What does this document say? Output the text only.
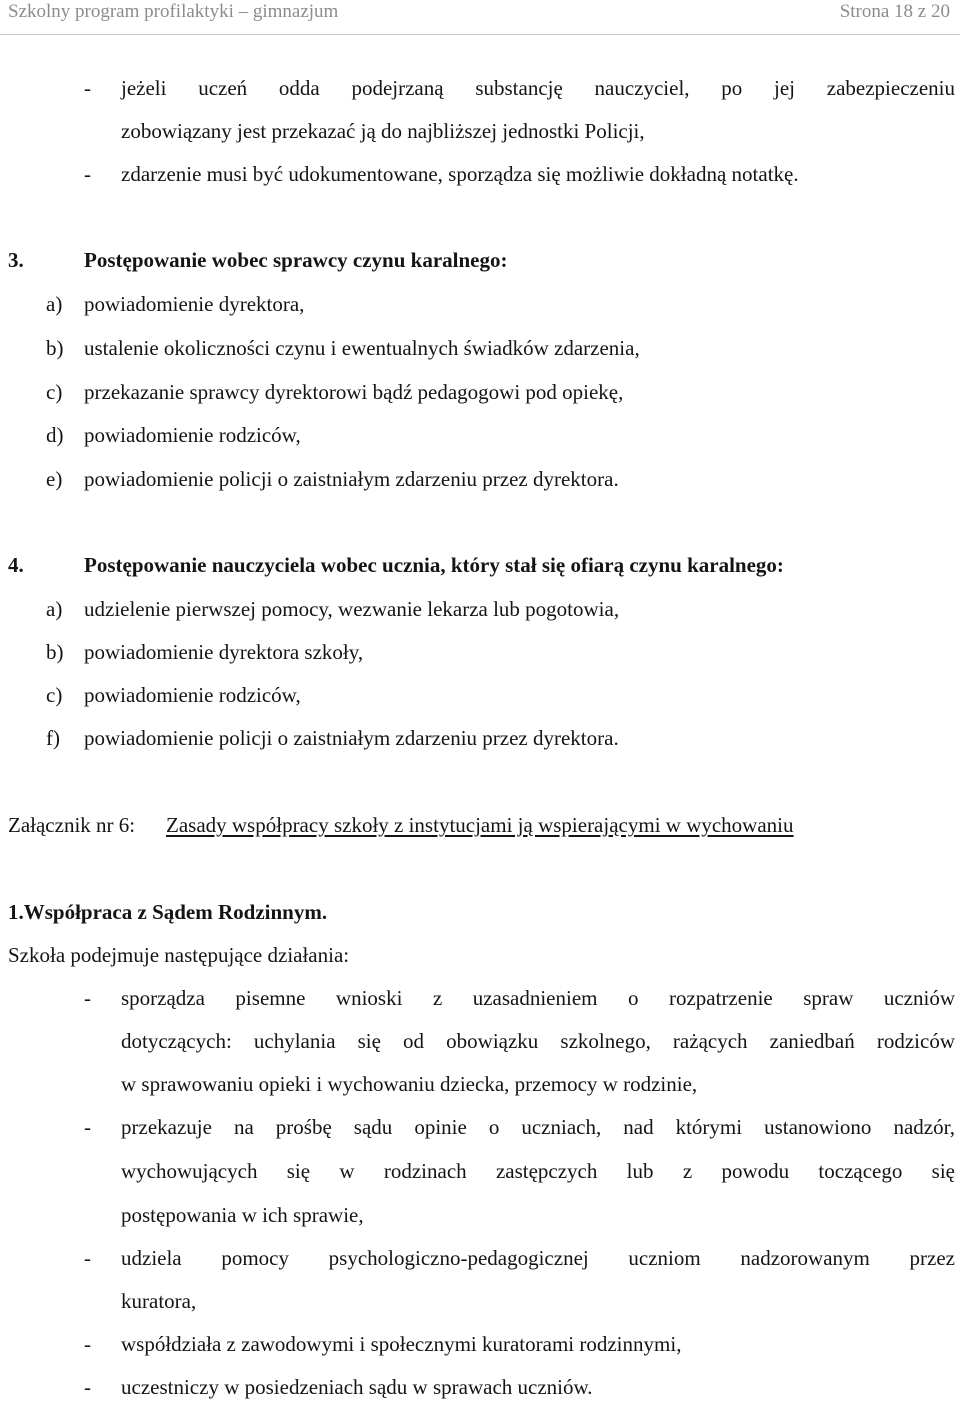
Szkolny program profilaktyki – gimnazjum	Strona 18 z 20
- jeżeli uczeń odda podejrzaną substancję nauczyciel, po jej zabezpieczeniu
zobowiązany jest przekazać ją do najbliższej jednostki Policji,
- zdarzenie musi być udokumentowane, sporządza się możliwie dokładną notatkę.
3.	Postępowanie wobec sprawcy czynu karalnego:
a) powiadomienie dyrektora,
b) ustalenie okoliczności czynu i ewentualnych świadków zdarzenia,
c) przekazanie sprawcy dyrektorowi bądź pedagogowi pod opiekę,
d) powiadomienie rodziców,
e) powiadomienie policji o zaistniałym zdarzeniu przez dyrektora.
4.	Postępowanie nauczyciela wobec ucznia, który stał się ofiarą czynu karalnego:
a) udzielenie pierwszej pomocy, wezwanie lekarza lub pogotowia,
b) powiadomienie dyrektora szkoły,
c) powiadomienie rodziców,
f) powiadomienie policji o zaistniałym zdarzeniu przez dyrektora.
Załącznik nr 6: Zasady współpracy szkoły z instytucjami ją wspierającymi w wychowaniu
1.Współpraca z Sądem Rodzinnym.
Szkoła podejmuje następujące działania:
- sporządza pisemne wnioski z uzasadnieniem o rozpatrzenie spraw uczniów
dotyczących: uchylania się od obowiązku szkolnego, rażących zaniedbań rodziców
w sprawowaniu opieki i wychowaniu dziecka, przemocy w rodzinie,
- przekazuje na prośbę sądu opinie o uczniach, nad którymi ustanowiono nadzór,
wychowujących się w rodzinach zastępczych lub z powodu toczącego się
postępowania w ich sprawie,
- udziela pomocy psychologiczno-pedagogicznej uczniom nadzorowanym przez
kuratora,
- współdziała z zawodowymi i społecznymi kuratorami rodzinnymi,
- uczestniczy w posiedzeniach sądu w sprawach uczniów.
